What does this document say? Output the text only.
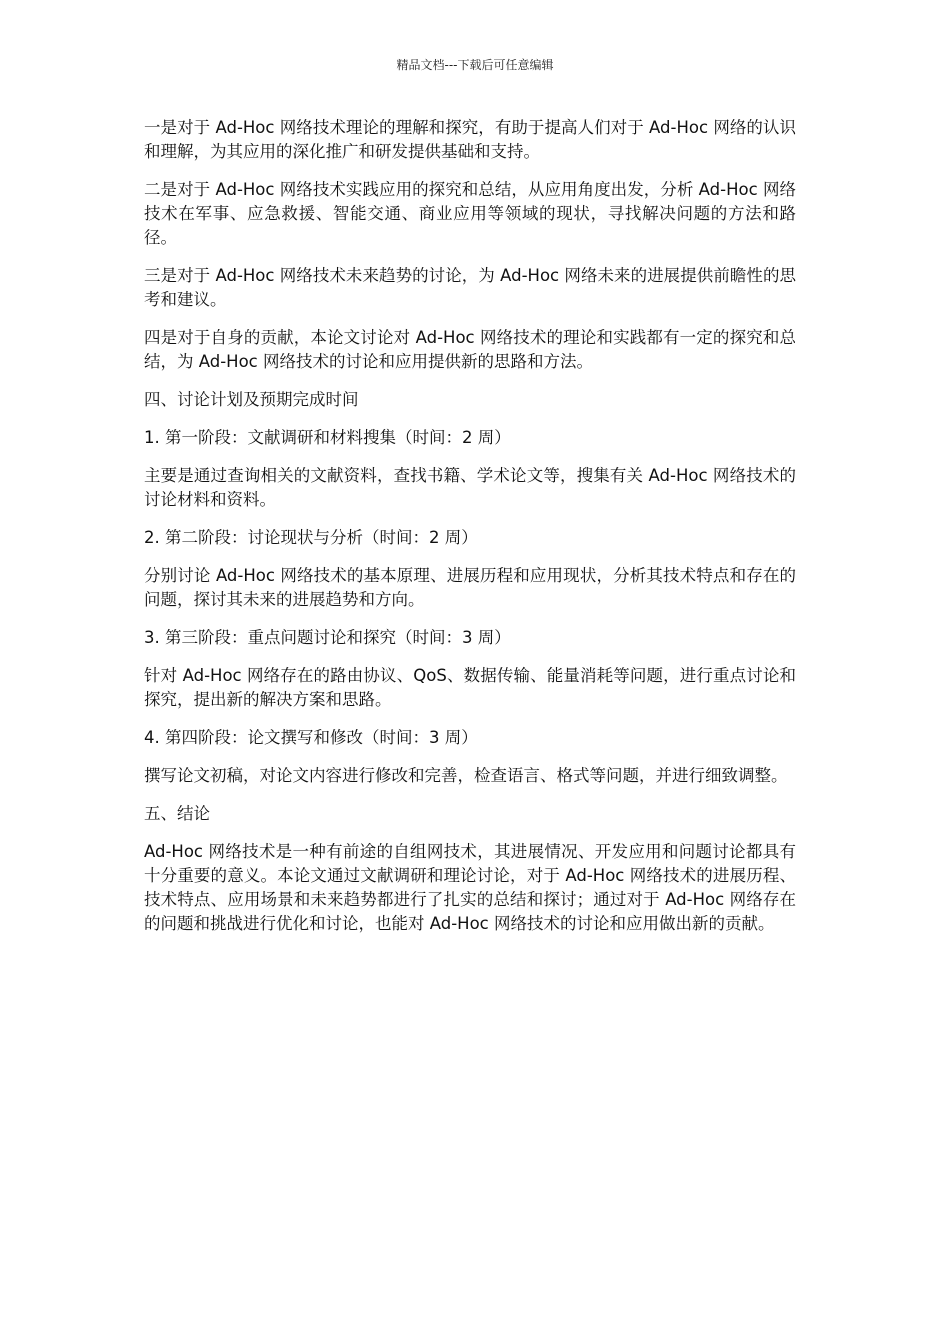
精品文档---下载后可任意编辑

一是对于 Ad-Hoc 网络技术理论的理解和探究，有助于提高人们对于 Ad-Hoc 网络的认识和理解，为其应用的深化推广和研发提供基础和支持。

二是对于 Ad-Hoc 网络技术实践应用的探究和总结，从应用角度出发，分析 Ad-Hoc 网络技术在军事、应急救援、智能交通、商业应用等领域的现状，寻找解决问题的方法和路径。

三是对于 Ad-Hoc 网络技术未来趋势的讨论，为 Ad-Hoc 网络未来的进展提供前瞻性的思考和建议。

四是对于自身的贡献，本论文讨论对 Ad-Hoc 网络技术的理论和实践都有一定的探究和总结，为 Ad-Hoc 网络技术的讨论和应用提供新的思路和方法。

四、讨论计划及预期完成时间

1. 第一阶段：文献调研和材料搜集（时间：2 周）

主要是通过查询相关的文献资料，查找书籍、学术论文等，搜集有关 Ad-Hoc 网络技术的讨论材料和资料。

2. 第二阶段：讨论现状与分析（时间：2 周）

分别讨论 Ad-Hoc 网络技术的基本原理、进展历程和应用现状，分析其技术特点和存在的问题，探讨其未来的进展趋势和方向。

3. 第三阶段：重点问题讨论和探究（时间：3 周）

针对 Ad-Hoc 网络存在的路由协议、QoS、数据传输、能量消耗等问题，进行重点讨论和探究，提出新的解决方案和思路。

4. 第四阶段：论文撰写和修改（时间：3 周）

撰写论文初稿，对论文内容进行修改和完善，检查语言、格式等问题，并进行细致调整。

五、结论

Ad-Hoc 网络技术是一种有前途的自组网技术，其进展情况、开发应用和问题讨论都具有十分重要的意义。本论文通过文献调研和理论讨论，对于 Ad-Hoc 网络技术的进展历程、技术特点、应用场景和未来趋势都进行了扎实的总结和探讨；通过对于 Ad-Hoc 网络存在的问题和挑战进行优化和讨论，也能对 Ad-Hoc 网络技术的讨论和应用做出新的贡献。
